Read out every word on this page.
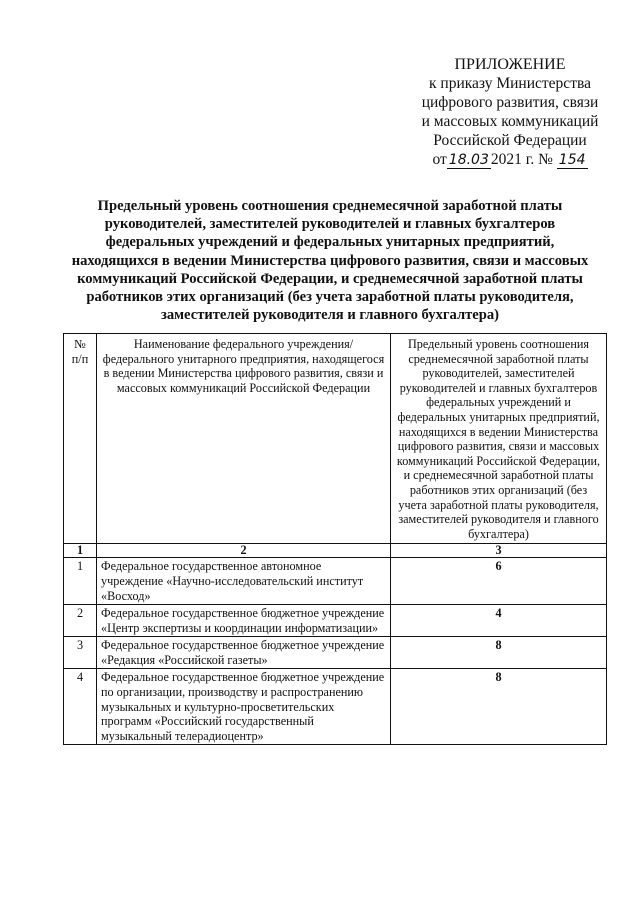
ПРИЛОЖЕНИЕ
к приказу Министерства
цифрового развития, связи
и массовых коммуникаций
Российской Федерации
от 18.03 2021 г. № 154
Предельный уровень соотношения среднемесячной заработной платы
руководителей, заместителей руководителей и главных бухгалтеров
федеральных учреждений и федеральных унитарных предприятий,
находящихся в ведении Министерства цифрового развития, связи и массовых
коммуникаций Российской Федерации, и среднемесячной заработной платы
работников этих организаций (без учета заработной платы руководителя,
заместителей руководителя и главного бухгалтера)
№ п/п	Наименование федерального учреждения/федерального унитарного предприятия, находящегося в ведении Министерства цифрового развития, связи и массовых коммуникаций Российской Федерации	Предельный уровень соотношения среднемесячной заработной платы руководителей, заместителей руководителей и главных бухгалтеров федеральных учреждений и федеральных унитарных предприятий, находящихся в ведении Министерства цифрового развития, связи и массовых коммуникаций Российской Федерации, и среднемесячной заработной платы работников этих организаций (без учета заработной платы руководителя, заместителей руководителя и главного бухгалтера)
1	2	3
1	Федеральное государственное автономное учреждение «Научно-исследовательский институт «Восход»	6
2	Федеральное государственное бюджетное учреждение «Центр экспертизы и координации информатизации»	4
3	Федеральное государственное бюджетное учреждение «Редакция «Российской газеты»	8
4	Федеральное государственное бюджетное учреждение по организации, производству и распространению музыкальных и культурно-просветительских программ «Российский государственный музыкальный телерадиоцентр»	8
